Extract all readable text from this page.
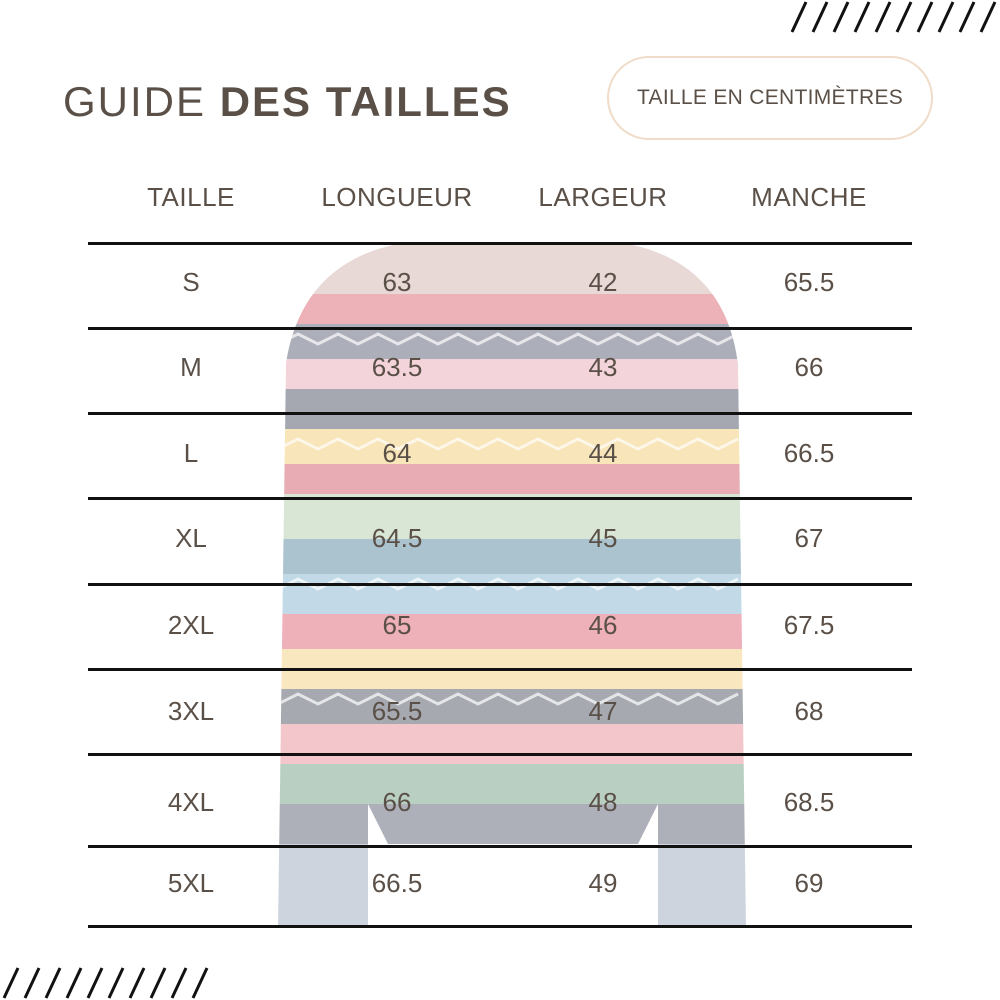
GUIDE DES TAILLES	TAILLE EN CENTIMÈTRES
TAILLE	LONGUEUR	LARGEUR	MANCHE
S	63	42	65.5
M	63.5	43	66
L	64	44	66.5
XL	64.5	45	67
2XL	65	46	67.5
3XL	65.5	47	68
4XL	66	48	68.5
5XL	66.5	49	69
